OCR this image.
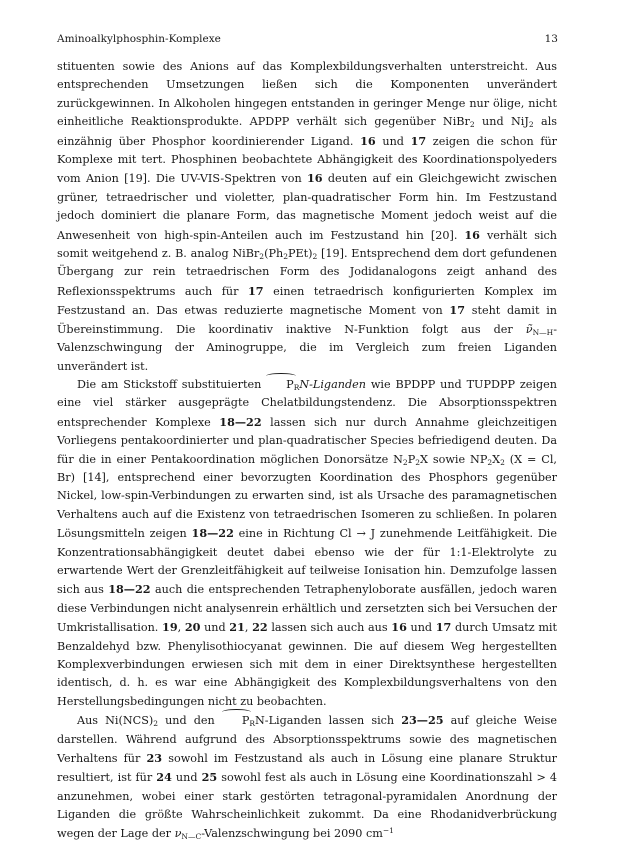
Aminoalkylphosphin-Komplexe	13

stituenten sowie des Anions auf das Komplexbildungsverhalten unterstreicht. Aus entsprechenden Umsetzungen ließen sich die Komponenten unverändert zurückgewinnen. In Alkoholen hingegen entstanden in geringer Menge nur ölige, nicht einheitliche Reaktionsprodukte. APDPP verhält sich gegenüber NiBr$_2$ und NiJ$_2$ als einzähnig über Phosphor koordinierender Ligand. 16 und 17 zeigen die schon für Komplexe mit tert. Phosphinen beobachtete Abhängigkeit des Koordinationspolyeders vom Anion [19]. Die UV-VIS-Spektren von 16 deuten auf ein Gleichgewicht zwischen grüner, tetraedrischer und violetter, plan-quadratischer Form hin. Im Festzustand jedoch dominiert die planare Form, das magnetische Moment jedoch weist auf die Anwesenheit von high-spin-Anteilen auch im Festzustand hin [20]. 16 verhält sich somit weitgehend z. B. analog $NiBr_2(Ph_2PEt)_2$ [19]. Entsprechend dem dort gefundenen Übergang zur rein tetraedrischen Form des Jodidanalogons zeigt anhand des Reflexionsspektrums auch für 17 einen tetraedrisch konfigurierten Komplex im Festzustand an. Das etwas reduzierte magnetische Moment von 17 steht damit in Übereinstimmung. Die koordinativ inaktive N-Funktion folgt aus der $\nũ_{N—H}$-Valenzschwingung der Aminogruppe, die im Vergleich zum freien Liganden unverändert ist.

Die am Stickstoff substituierten $P_RN$-Liganden wie BPDPP und TUPDPP zeigen eine viel stärker ausgeprägte Chelatbildungstendenz. Die Absorptionsspektren entsprechender Komplexe 18—22 lassen sich nur durch Annahme gleichzeitigen Vorliegens pentakoordinierter und plan-quadratischer Species befriedigend deuten. Da für die in einer Pentakoordination möglichen Donorsätze $N_2P_2X$ sowie $NP_2X_2$ (X = Cl, Br) [14], entsprechend einer bevorzugten Koordination des Phosphors gegenüber Nickel, low-spin-Verbindungen zu erwarten sind, ist als Ursache des paramagnetischen Verhaltens auch auf die Existenz von tetraedrischen Isomeren zu schließen. In polaren Lösungsmitteln zeigen 18—22 eine in Richtung Cl → J zunehmende Leitfähigkeit. Die Konzentrationsabhängigkeit deutet dabei ebenso wie der für 1:1-Elektrolyte zu erwartende Wert der Grenzleitfähigkeit auf teilweise Ionisation hin. Demzufolge lassen sich aus 18—22 auch die entsprechenden Tetraphenyloborate ausfällen, jedoch waren diese Verbindungen nicht analysenrein erhältlich und zersetzten sich bei Versuchen der Umkristallisation. 19, 20 und 21, 22 lassen sich auch aus 16 und 17 durch Umsatz mit Benzaldehyd bzw. Phenylisothiocyanat gewinnen. Die auf diesem Weg hergestellten Komplexverbindungen erwiesen sich mit dem in einer Direktsynthese hergestellten identisch, d. h. es war eine Abhängigkeit des Komplexbildungsverhaltens von den Herstellungsbedingungen nicht zu beobachten.

Aus $Ni(NCS)_2$ und den $P_RN$-Liganden lassen sich 23—25 auf gleiche Weise darstellen. Während aufgrund des Absorptionsspektrums sowie des magnetischen Verhaltens für 23 sowohl im Festzustand als auch in Lösung eine planare Struktur resultiert, ist für 24 und 25 sowohl fest als auch in Lösung eine Koordinationszahl > 4 anzunehmen, wobei einer stark gestörten tetragonal-pyramidalen Anordnung der Liganden die größte Wahrscheinlichkeit zukommt. Da eine Rhodanidverbrückung wegen der Lage der $\nu_{N—C}$-Valenzschwingung bei 2090 $cm^{-1}$
